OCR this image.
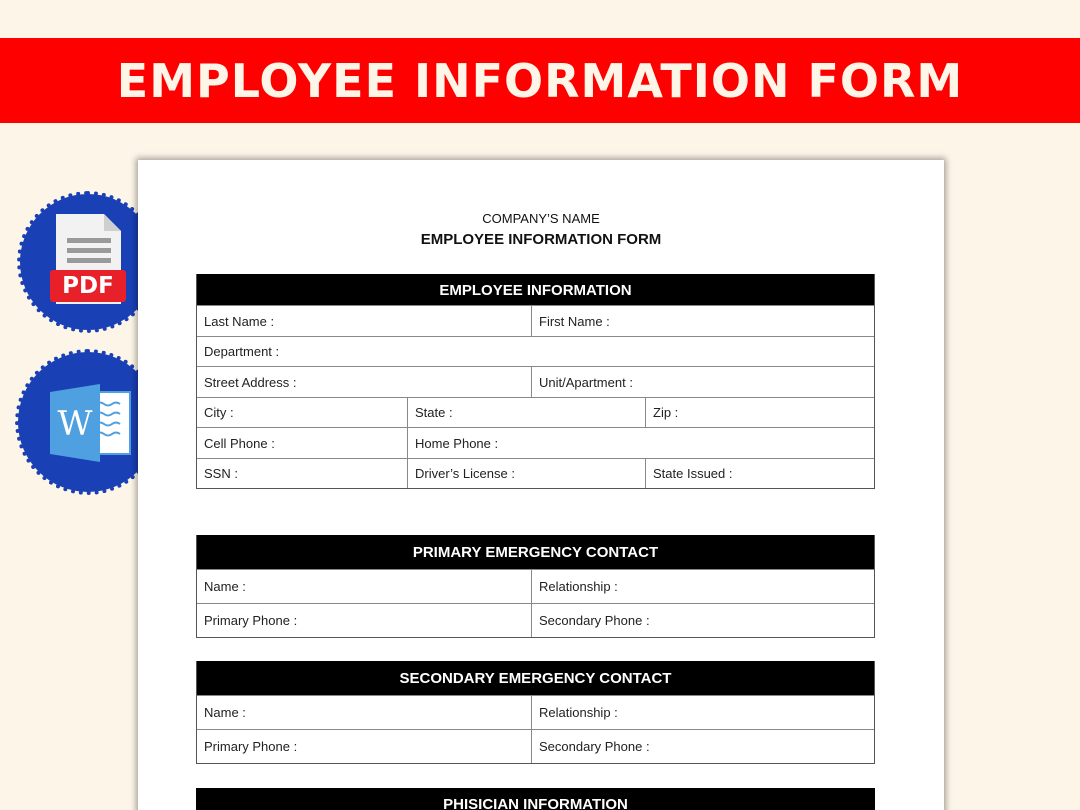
EMPLOYEE INFORMATION FORM
PDF
W
COMPANY’S NAME
EMPLOYEE INFORMATION FORM
EMPLOYEE INFORMATION
Last Name :	First Name :
Department :
Street Address :	Unit/Apartment :
City :	State :	Zip :
Cell Phone :	Home Phone :
SSN :	Driver’s License :	State Issued :
PRIMARY EMERGENCY CONTACT
Name :	Relationship :
Primary Phone :	Secondary Phone :
SECONDARY EMERGENCY CONTACT
Name :	Relationship :
Primary Phone :	Secondary Phone :
PHISICIAN INFORMATION
